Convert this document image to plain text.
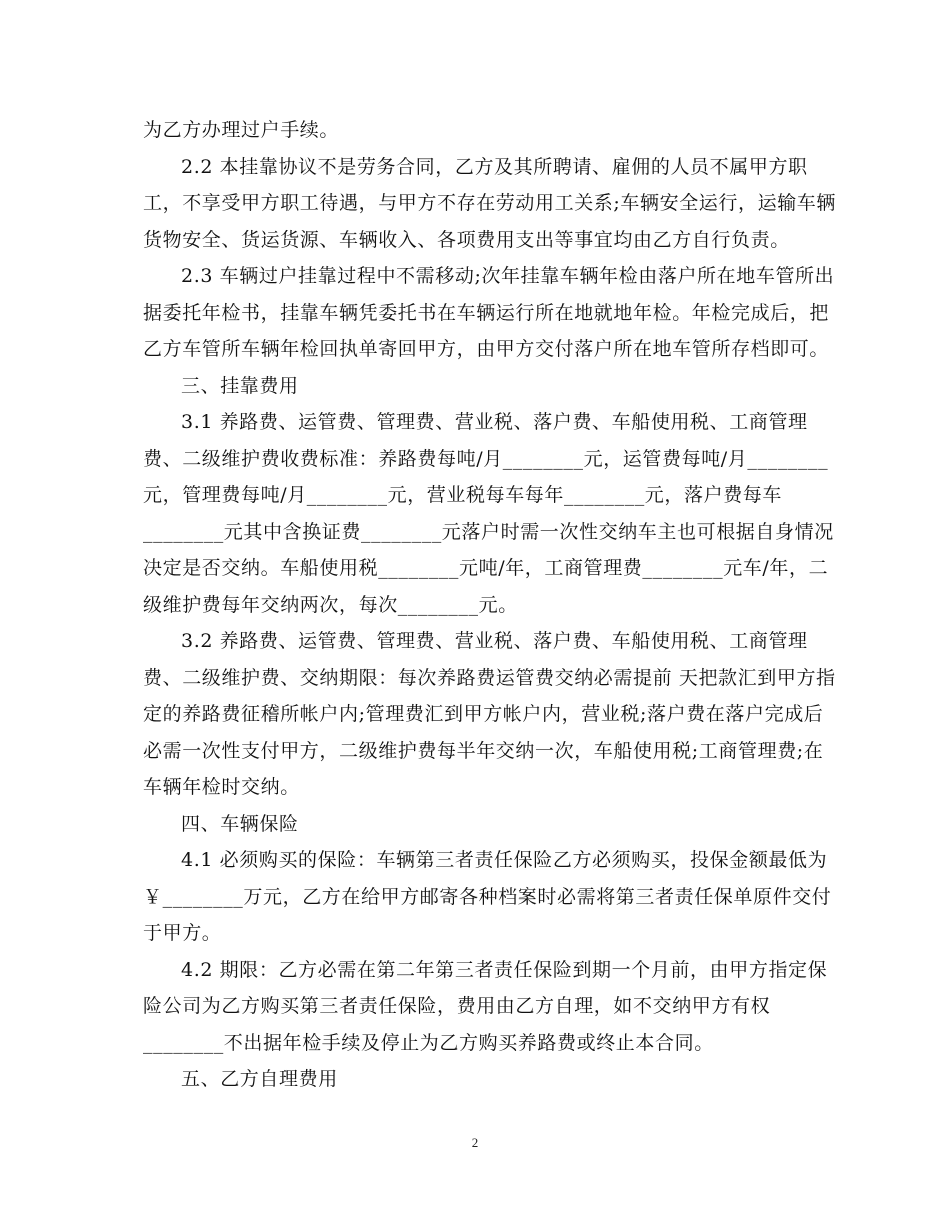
为乙方办理过户手续。
2.2 本挂靠协议不是劳务合同，乙方及其所聘请、雇佣的人员不属甲方职
工，不享受甲方职工待遇，与甲方不存在劳动用工关系;车辆安全运行，运输车辆
货物安全、货运货源、车辆收入、各项费用支出等事宜均由乙方自行负责。
2.3 车辆过户挂靠过程中不需移动;次年挂靠车辆年检由落户所在地车管所出
据委托年检书，挂靠车辆凭委托书在车辆运行所在地就地年检。年检完成后，把
乙方车管所车辆年检回执单寄回甲方，由甲方交付落户所在地车管所存档即可。
三、挂靠费用
3.1 养路费、运管费、管理费、营业税、落户费、车船使用税、工商管理
费、二级维护费收费标准：养路费每吨/月________元，运管费每吨/月________
元，管理费每吨/月________元，营业税每车每年________元，落户费每车
________元其中含换证费________元落户时需一次性交纳车主也可根据自身情况
决定是否交纳。车船使用税________元吨/年，工商管理费________元车/年，二
级维护费每年交纳两次，每次________元。
3.2 养路费、运管费、管理费、营业税、落户费、车船使用税、工商管理
费、二级维护费、交纳期限：每次养路费运管费交纳必需提前 天把款汇到甲方指
定的养路费征稽所帐户内;管理费汇到甲方帐户内，营业税;落户费在落户完成后
必需一次性支付甲方，二级维护费每半年交纳一次，车船使用税;工商管理费;在
车辆年检时交纳。
四、车辆保险
4.1 必须购买的保险：车辆第三者责任保险乙方必须购买，投保金额最低为
￥________万元，乙方在给甲方邮寄各种档案时必需将第三者责任保单原件交付
于甲方。
4.2 期限：乙方必需在第二年第三者责任保险到期一个月前，由甲方指定保
险公司为乙方购买第三者责任保险，费用由乙方自理，如不交纳甲方有权
________不出据年检手续及停止为乙方购买养路费或终止本合同。
五、乙方自理费用
2
